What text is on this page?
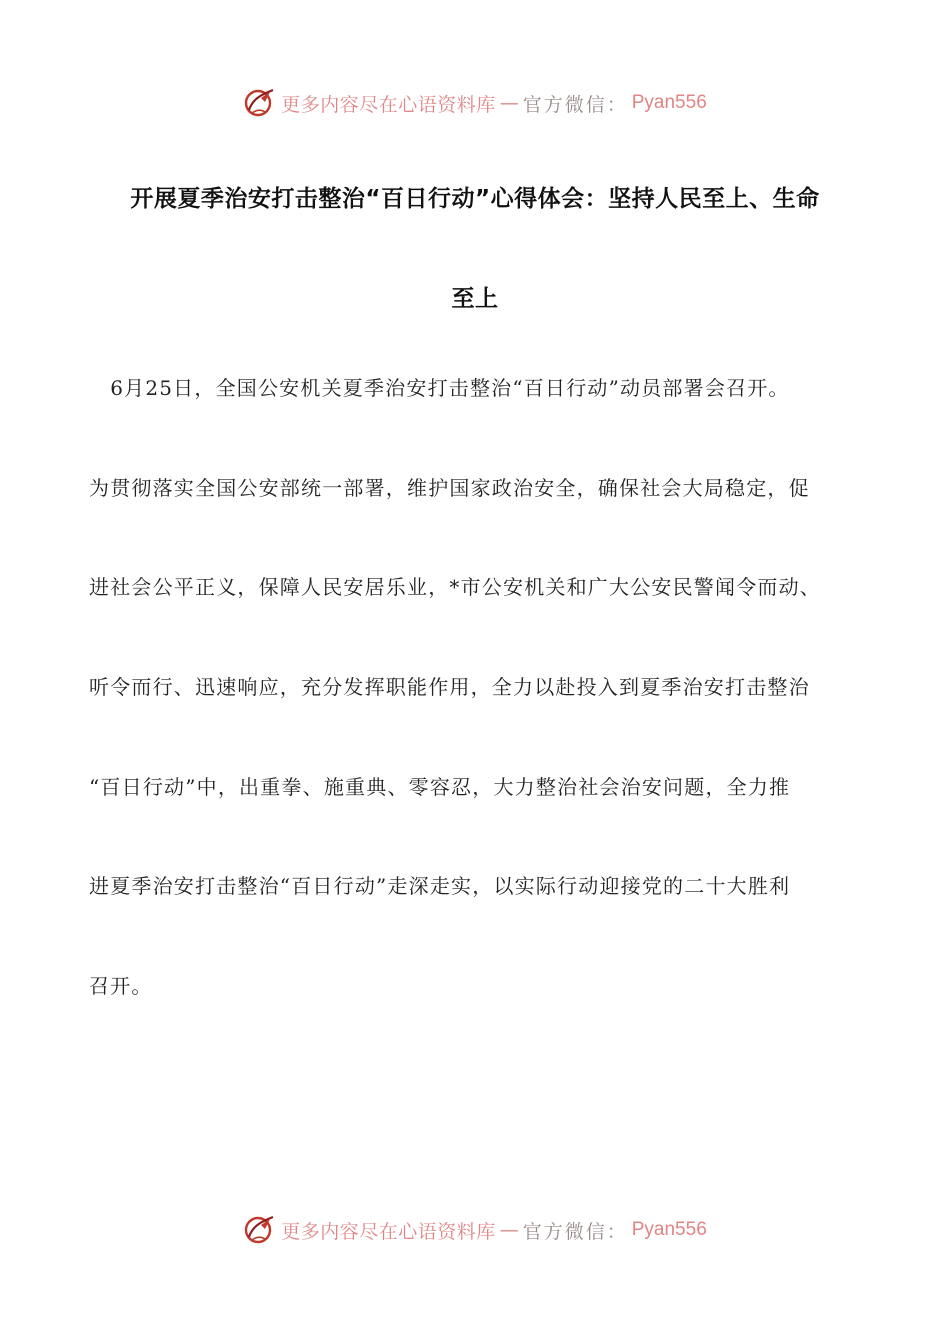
更多内容尽在心语资料库 — 官方微信： Pyan556
开展夏季治安打击整治“百日行动”心得体会：坚持人民至上、生命
至上

　6月25日，全国公安机关夏季治安打击整治“百日行动”动员部署会召开。

为贯彻落实全国公安部统一部署，维护国家政治安全，确保社会大局稳定，促

进社会公平正义，保障人民安居乐业，*市公安机关和广大公安民警闻令而动、

听令而行、迅速响应，充分发挥职能作用，全力以赴投入到夏季治安打击整治

“百日行动”中，出重拳、施重典、零容忍，大力整治社会治安问题，全力推

进夏季治安打击整治“百日行动”走深走实，以实际行动迎接党的二十大胜利

召开。

更多内容尽在心语资料库 — 官方微信： Pyan556
